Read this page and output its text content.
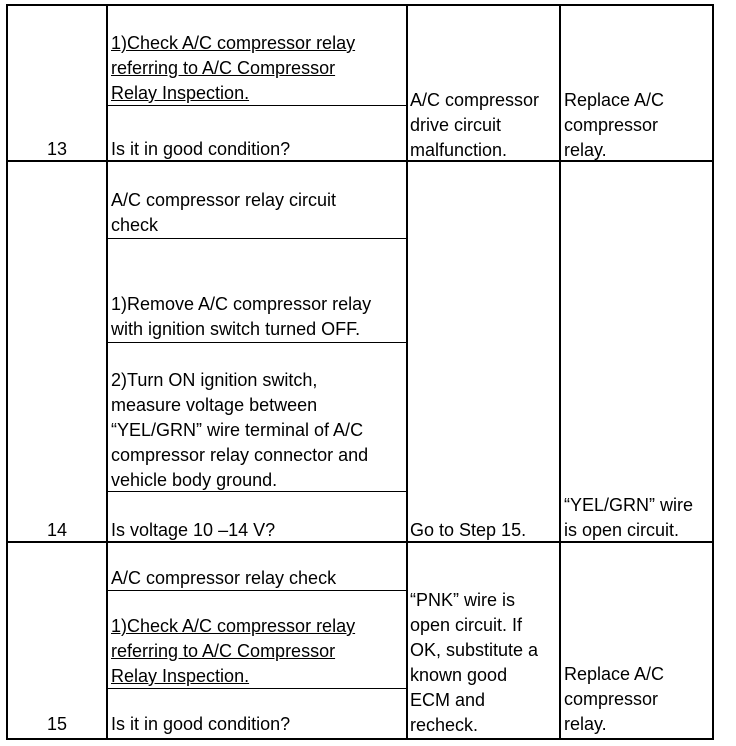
13
1)Check A/C compressor relay
referring to A/C Compressor
Relay Inspection.
Is it in good condition?
A/C compressor
drive circuit
malfunction.
Replace A/C
compressor
relay.
14
A/C compressor relay circuit
check
1)Remove A/C compressor relay
with ignition switch turned OFF.
2)Turn ON ignition switch,
measure voltage between
“YEL/GRN” wire terminal of A/C
compressor relay connector and
vehicle body ground.
Is voltage 10 –14 V?	Go to Step 15.
“YEL/GRN” wire
is open circuit.
15
A/C compressor relay check
1)Check A/C compressor relay
referring to A/C Compressor
Relay Inspection.
Is it in good condition?
“PNK” wire is
open circuit. If
OK, substitute a
known good
ECM and
recheck.
Replace A/C
compressor
relay.
